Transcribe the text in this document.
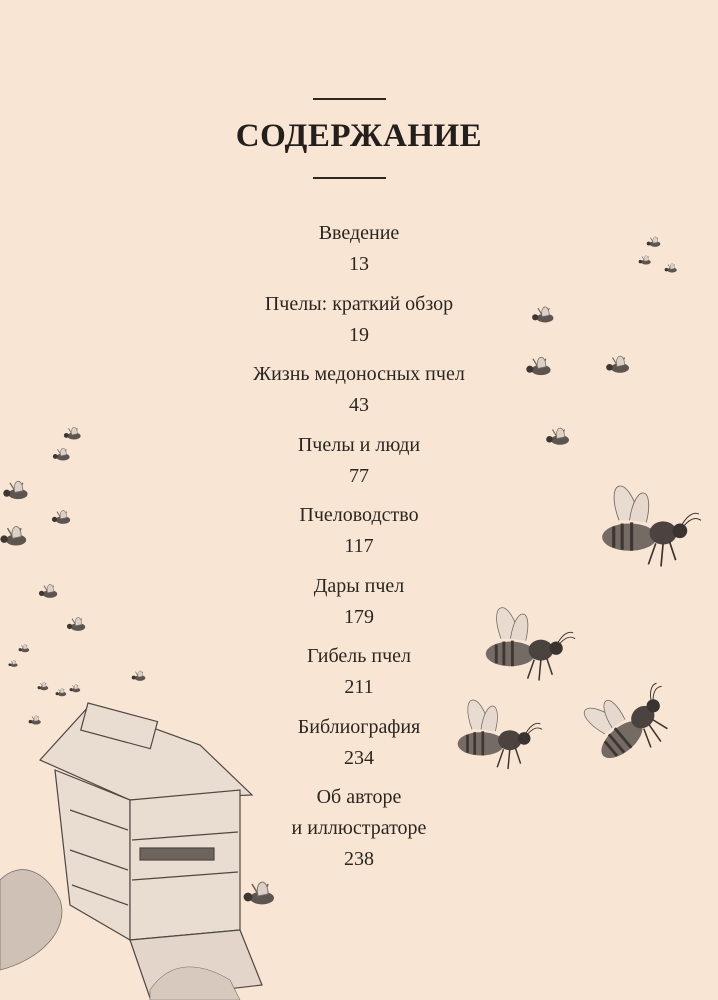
СОДЕРЖАНИЕ
Введение
13
Пчелы: краткий обзор
19
Жизнь медоносных пчел
43
Пчелы и люди
77
Пчеловодство
117
Дары пчел
179
Гибель пчел
211
Библиография
234
Об авторе
и иллюстраторе
238
